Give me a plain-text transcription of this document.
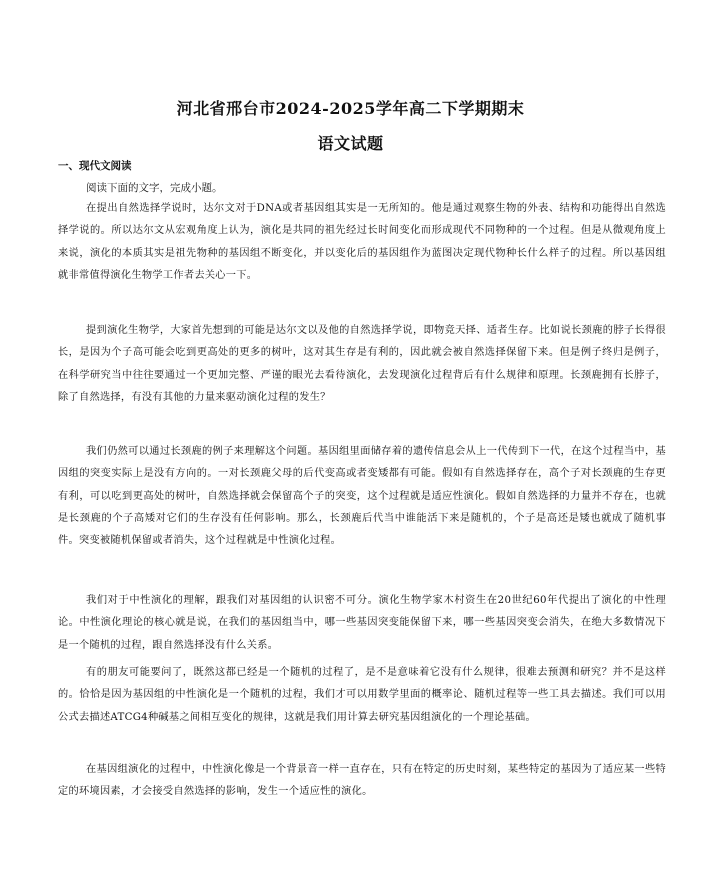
河北省邢台市2024-2025学年高二下学期期末
语文试题
一、现代文阅读
阅读下面的文字，完成小题。
在提出自然选择学说时，达尔文对于DNA或者基因组其实是一无所知的。他是通过观察生物的外表、结构和功能得出自然选择学说的。所以达尔文从宏观角度上认为，演化是共同的祖先经过长时间变化而形成现代不同物种的一个过程。但是从微观角度上来说，演化的本质其实是祖先物种的基因组不断变化，并以变化后的基因组作为蓝图决定现代物种长什么样子的过程。所以基因组就非常值得演化生物学工作者去关心一下。
提到演化生物学，大家首先想到的可能是达尔文以及他的自然选择学说，即物竞天择、适者生存。比如说长颈鹿的脖子长得很长，是因为个子高可能会吃到更高处的更多的树叶，这对其生存是有利的，因此就会被自然选择保留下来。但是例子终归是例子，在科学研究当中往往要通过一个更加完整、严谨的眼光去看待演化，去发现演化过程背后有什么规律和原理。长颈鹿拥有长脖子，除了自然选择，有没有其他的力量来驱动演化过程的发生？
我们仍然可以通过长颈鹿的例子来理解这个问题。基因组里面储存着的遗传信息会从上一代传到下一代，在这个过程当中，基因组的突变实际上是没有方向的。一对长颈鹿父母的后代变高或者变矮都有可能。假如有自然选择存在，高个子对长颈鹿的生存更有利，可以吃到更高处的树叶，自然选择就会保留高个子的突变，这个过程就是适应性演化。假如自然选择的力量并不存在，也就是长颈鹿的个子高矮对它们的生存没有任何影响。那么，长颈鹿后代当中谁能活下来是随机的，个子是高还是矮也就成了随机事件。突变被随机保留或者消失，这个过程就是中性演化过程。
我们对于中性演化的理解，跟我们对基因组的认识密不可分。演化生物学家木村资生在20世纪60年代提出了演化的中性理论。中性演化理论的核心就是说，在我们的基因组当中，哪一些基因突变能保留下来，哪一些基因突变会消失，在绝大多数情况下是一个随机的过程，跟自然选择没有什么关系。
有的朋友可能要问了，既然这都已经是一个随机的过程了，是不是意味着它没有什么规律，很难去预测和研究？并不是这样的。恰恰是因为基因组的中性演化是一个随机的过程，我们才可以用数学里面的概率论、随机过程等一些工具去描述。我们可以用公式去描述ATCG4种碱基之间相互变化的规律，这就是我们用计算去研究基因组演化的一个理论基础。
在基因组演化的过程中，中性演化像是一个背景音一样一直存在，只有在特定的历史时刻，某些特定的基因为了适应某一些特定的环境因素，才会接受自然选择的影响，发生一个适应性的演化。
